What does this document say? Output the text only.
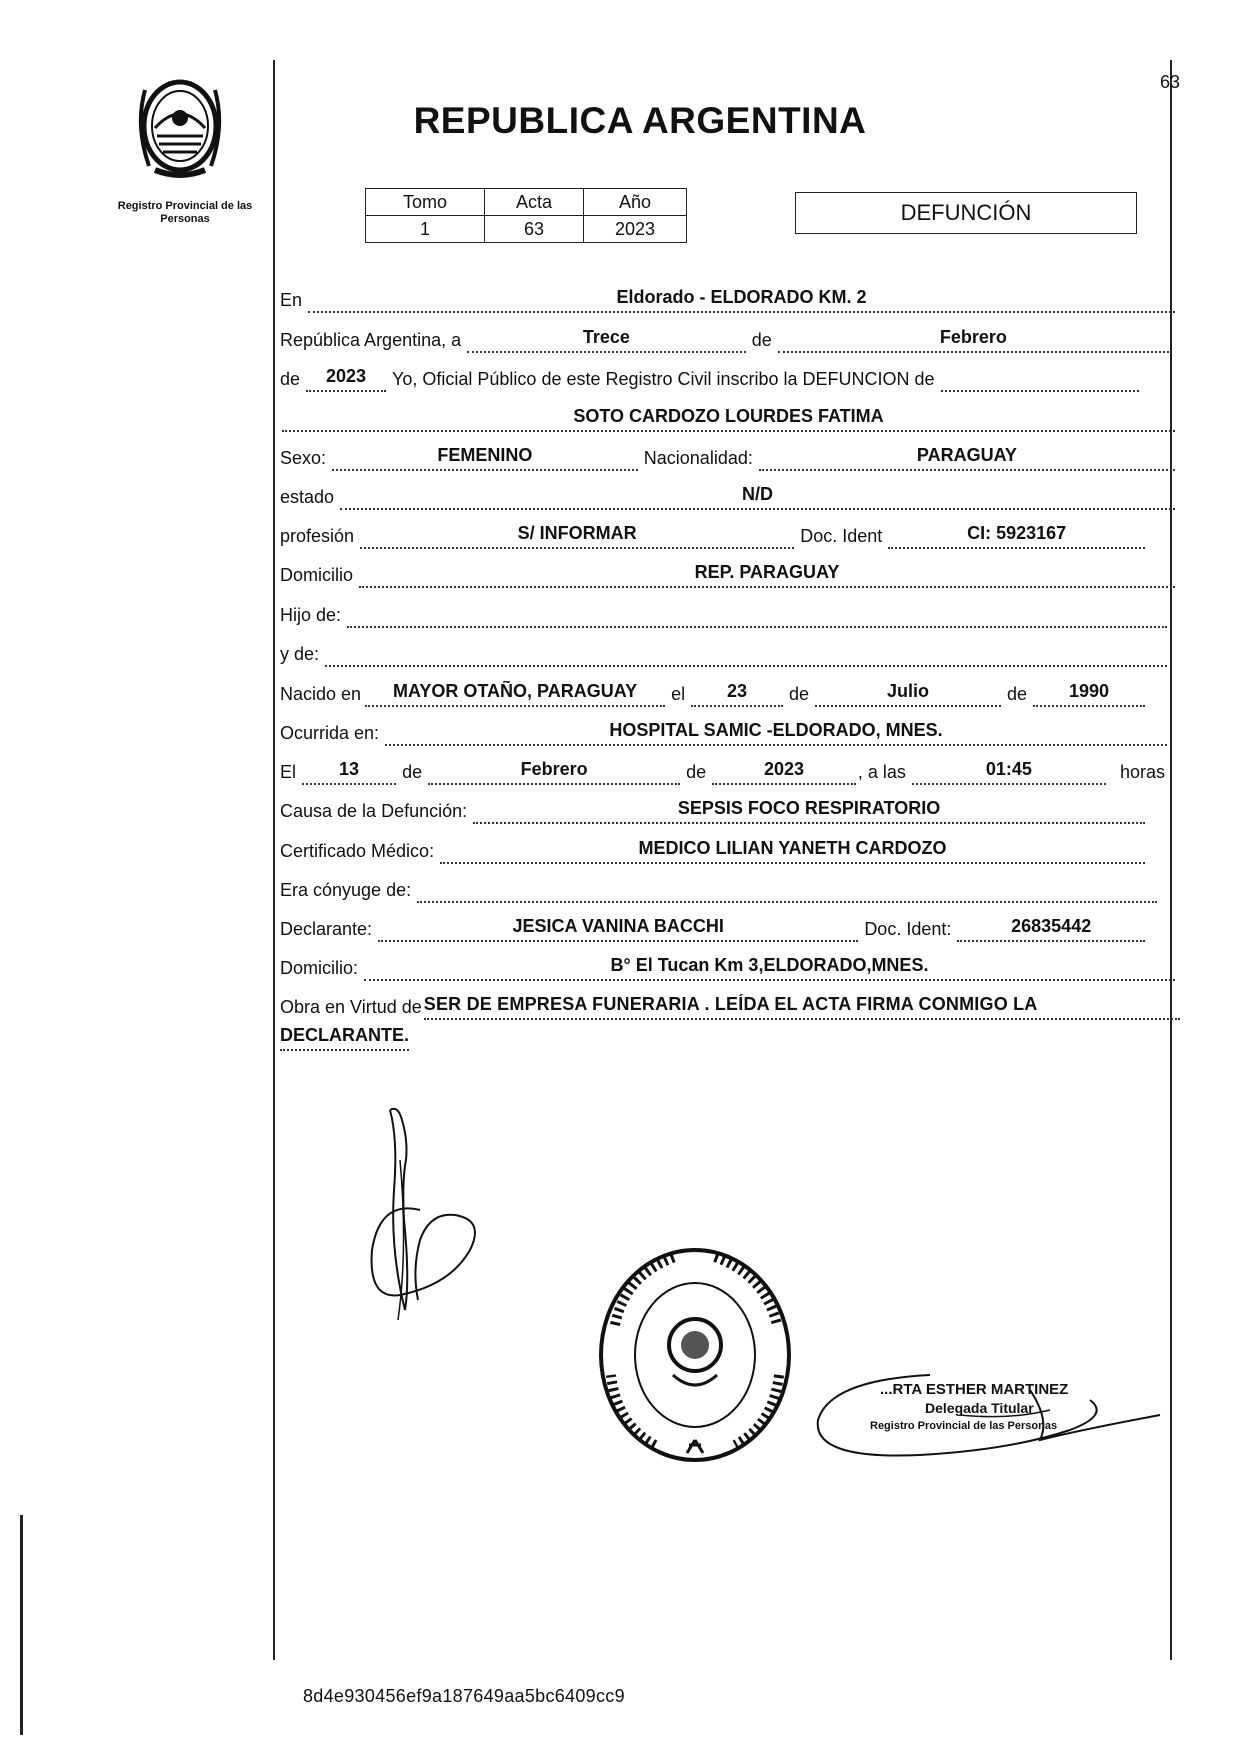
Registro Provincial de las Personas
63
REPUBLICA ARGENTINA
Tomo	Acta	Año
1	63	2023
DEFUNCIÓN
En	Eldorado - ELDORADO KM. 2
República Argentina, a	Trece	de	Febrero
de	2023	Yo, Oficial Público de este Registro Civil inscribo la DEFUNCION de
SOTO CARDOZO LOURDES FATIMA
Sexo:	FEMENINO	Nacionalidad:	PARAGUAY
estado	N/D
profesión	S/ INFORMAR	Doc. Ident	CI: 5923167
Domicilio	REP. PARAGUAY
Hijo de:
y de:
Nacido en	MAYOR OTAÑO, PARAGUAY	el	23	de	Julio	de	1990
Ocurrida en:	HOSPITAL SAMIC -ELDORADO, MNES.
El	13	de	Febrero	de	2023	, a las	01:45	horas
Causa de la Defunción:	SEPSIS FOCO RESPIRATORIO
Certificado Médico:	MEDICO LILIAN YANETH CARDOZO
Era cónyuge de:
Declarante:	JESICA VANINA BACCHI	Doc. Ident:	26835442
Domicilio:	B° El Tucan Km 3,ELDORADO,MNES.
Obra en Virtud de SER DE EMPRESA FUNERARIA . LEÍDA EL ACTA FIRMA CONMIGO LA
DECLARANTE.
...RTA ESTHER MARTINEZ
Delegada Titular
Registro Provincial de las Personas
8d4e930456ef9a187649aa5bc6409cc9
